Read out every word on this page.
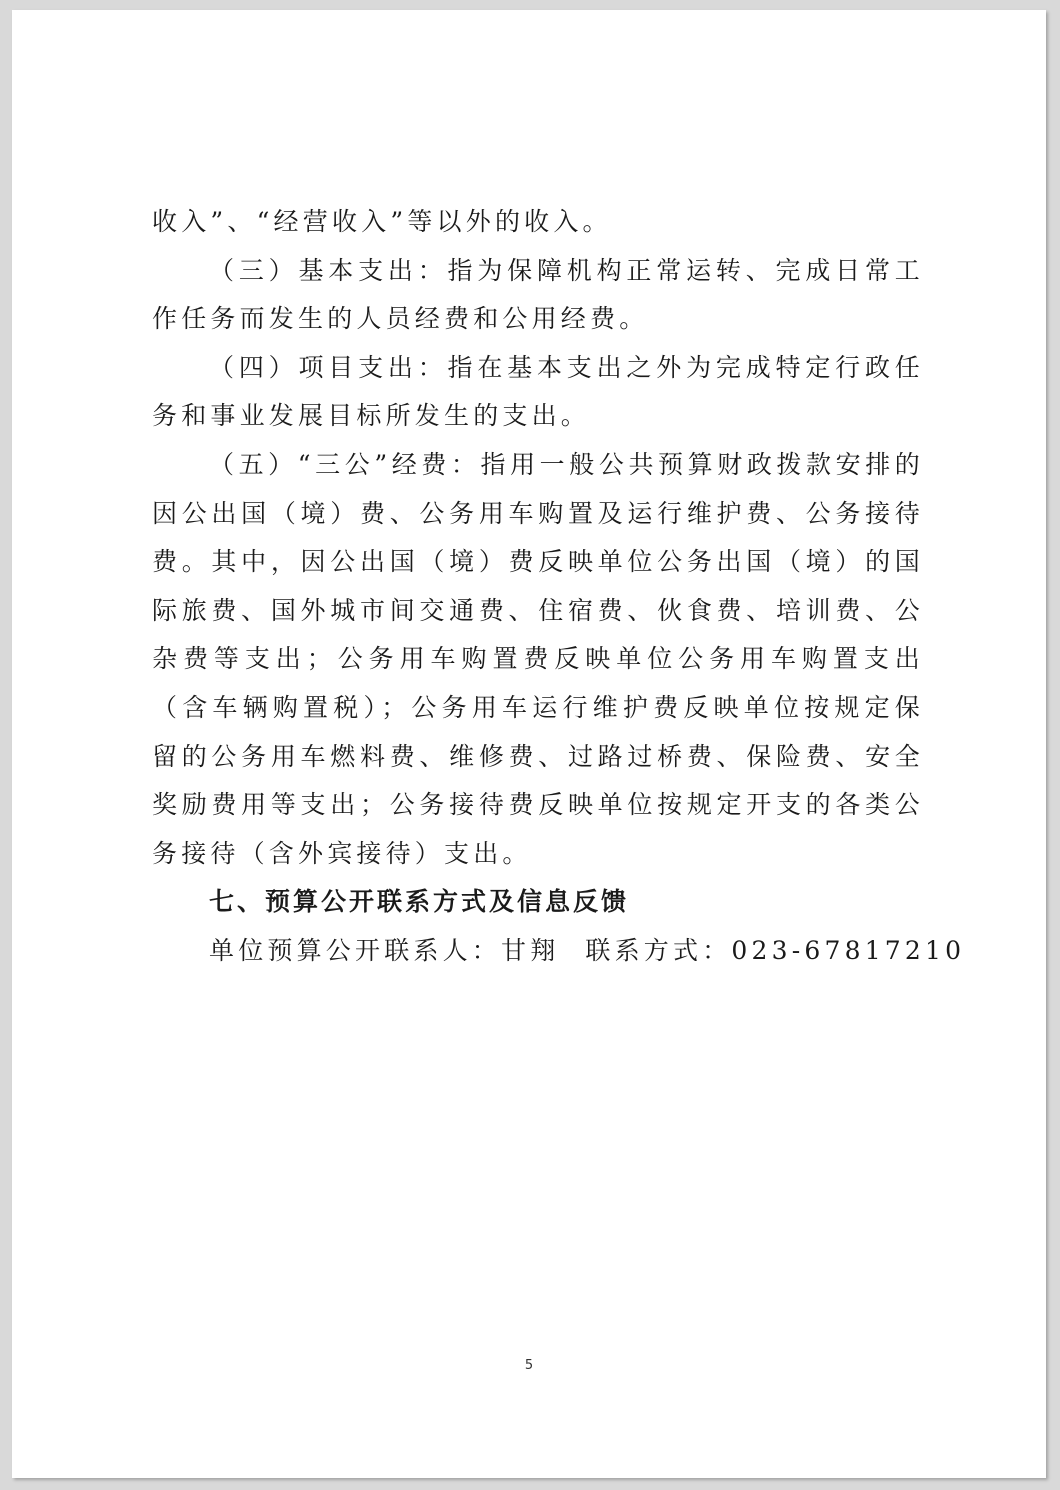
收入”、“经营收入”等以外的收入。

（三）基本支出：指为保障机构正常运转、完成日常工作任务而发生的人员经费和公用经费。

（四）项目支出：指在基本支出之外为完成特定行政任务和事业发展目标所发生的支出。

（五）“三公”经费：指用一般公共预算财政拨款安排的因公出国（境）费、公务用车购置及运行维护费、公务接待费。其中，因公出国（境）费反映单位公务出国（境）的国际旅费、国外城市间交通费、住宿费、伙食费、培训费、公杂费等支出；公务用车购置费反映单位公务用车购置支出（含车辆购置税）；公务用车运行维护费反映单位按规定保留的公务用车燃料费、维修费、过路过桥费、保险费、安全奖励费用等支出；公务接待费反映单位按规定开支的各类公务接待（含外宾接待）支出。

七、预算公开联系方式及信息反馈

单位预算公开联系人：甘翔 联系方式：023-67817210

5
